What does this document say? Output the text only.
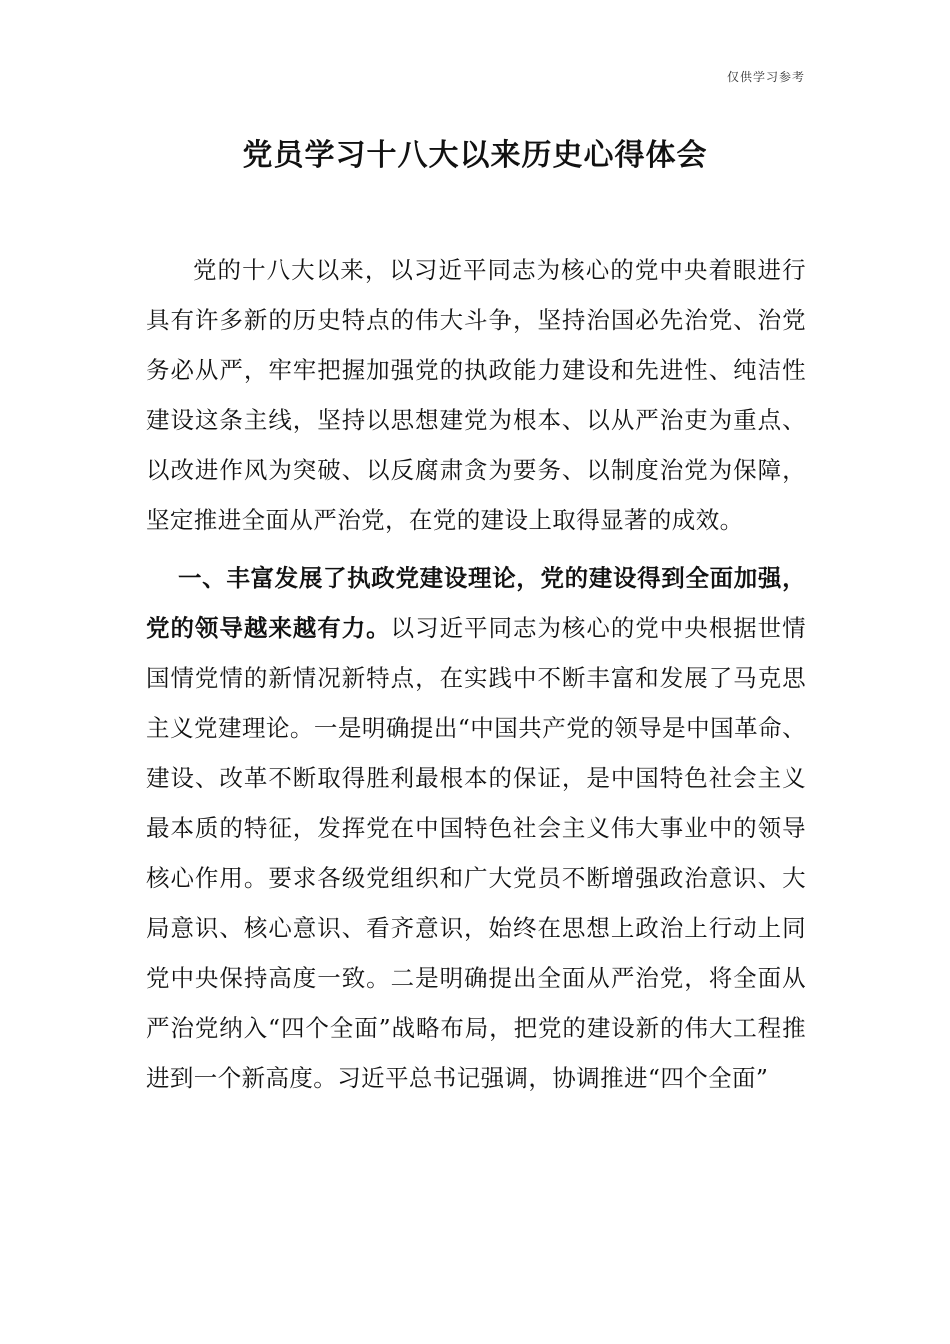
仅供学习参考
党员学习十八大以来历史心得体会

党的十八大以来，以习近平同志为核心的党中央着眼进行具有许多新的历史特点的伟大斗争，坚持治国必先治党、治党务必从严，牢牢把握加强党的执政能力建设和先进性、纯洁性建设这条主线，坚持以思想建党为根本、以从严治吏为重点、以改进作风为突破、以反腐肃贪为要务、以制度治党为保障，坚定推进全面从严治党，在党的建设上取得显著的成效。

一、丰富发展了执政党建设理论，党的建设得到全面加强，党的领导越来越有力。以习近平同志为核心的党中央根据世情国情党情的新情况新特点，在实践中不断丰富和发展了马克思主义党建理论。一是明确提出“中国共产党的领导是中国革命、建设、改革不断取得胜利最根本的保证，是中国特色社会主义最本质的特征，发挥党在中国特色社会主义伟大事业中的领导核心作用。要求各级党组织和广大党员不断增强政治意识、大局意识、核心意识、看齐意识，始终在思想上政治上行动上同党中央保持高度一致。二是明确提出全面从严治党，将全面从严治党纳入“四个全面”战略布局，把党的建设新的伟大工程推进到一个新高度。习近平总书记强调，协调推进“四个全面”
